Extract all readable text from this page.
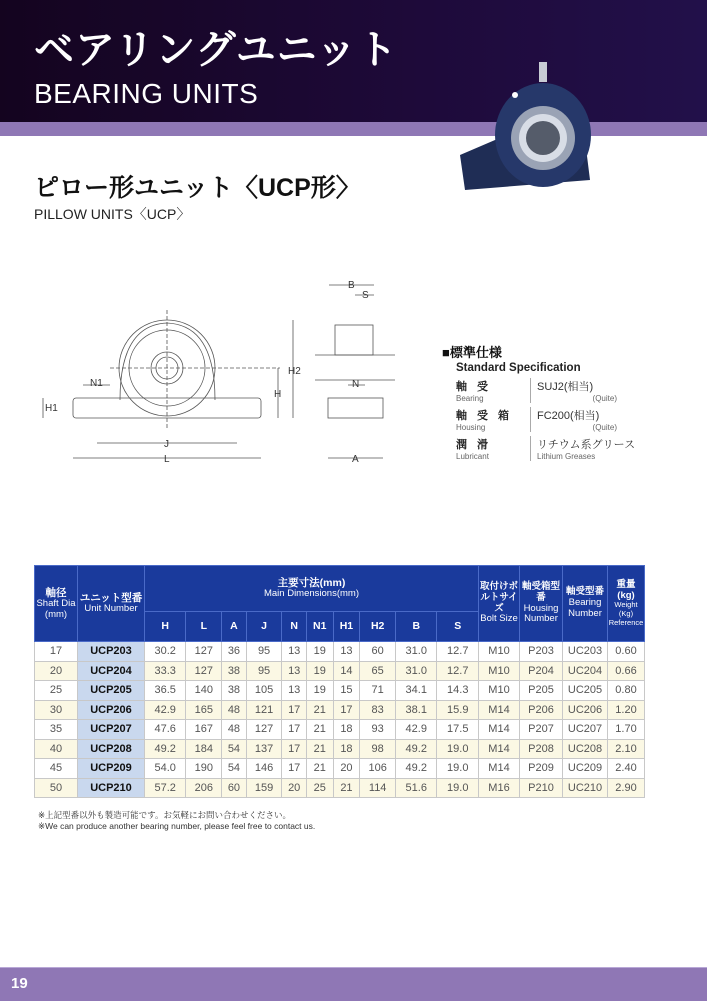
ベアリングユニット
BEARING UNITS
ピロー形ユニット〈UCP形〉
PILLOW UNITS〈UCP〉
B
S
H2
H
N1
H1
J
L
N
A
■標準仕様
Standard Specification
軸受
Bearing
SUJ2(相当)
(Quite)
軸受箱
Housing
FC200(相当)
(Quite)
潤滑
Lubricant
リチウム系グリース
Lithium Greases
軸径
Shaft Dia
(mm)

ユニット型番
Unit Number

主要寸法(mm)
Main Dimensions(mm)

取付けボルトサイズ
Bolt Size

軸受箱型番
Housing Number

軸受型番
Bearing Number

重量(kg)
Weight (Kg) Reference

		H	L	A	J	N	N1	H1	H2	B	S				
17	UCP203	30.2	127	36	95	13	19	13	60	31.0	12.7	M10	P203	UC203	0.60
20	UCP204	33.3	127	38	95	13	19	14	65	31.0	12.7	M10	P204	UC204	0.66
25	UCP205	36.5	140	38	105	13	19	15	71	34.1	14.3	M10	P205	UC205	0.80
30	UCP206	42.9	165	48	121	17	21	17	83	38.1	15.9	M14	P206	UC206	1.20
35	UCP207	47.6	167	48	127	17	21	18	93	42.9	17.5	M14	P207	UC207	1.70
40	UCP208	49.2	184	54	137	17	21	18	98	49.2	19.0	M14	P208	UC208	2.10
45	UCP209	54.0	190	54	146	17	21	20	106	49.2	19.0	M14	P209	UC209	2.40
50	UCP210	57.2	206	60	159	20	25	21	114	51.6	19.0	M16	P210	UC210	2.90
※上記型番以外も製造可能です。お気軽にお問い合わせください。
※We can produce another bearing number, please feel free to contact us.
19
